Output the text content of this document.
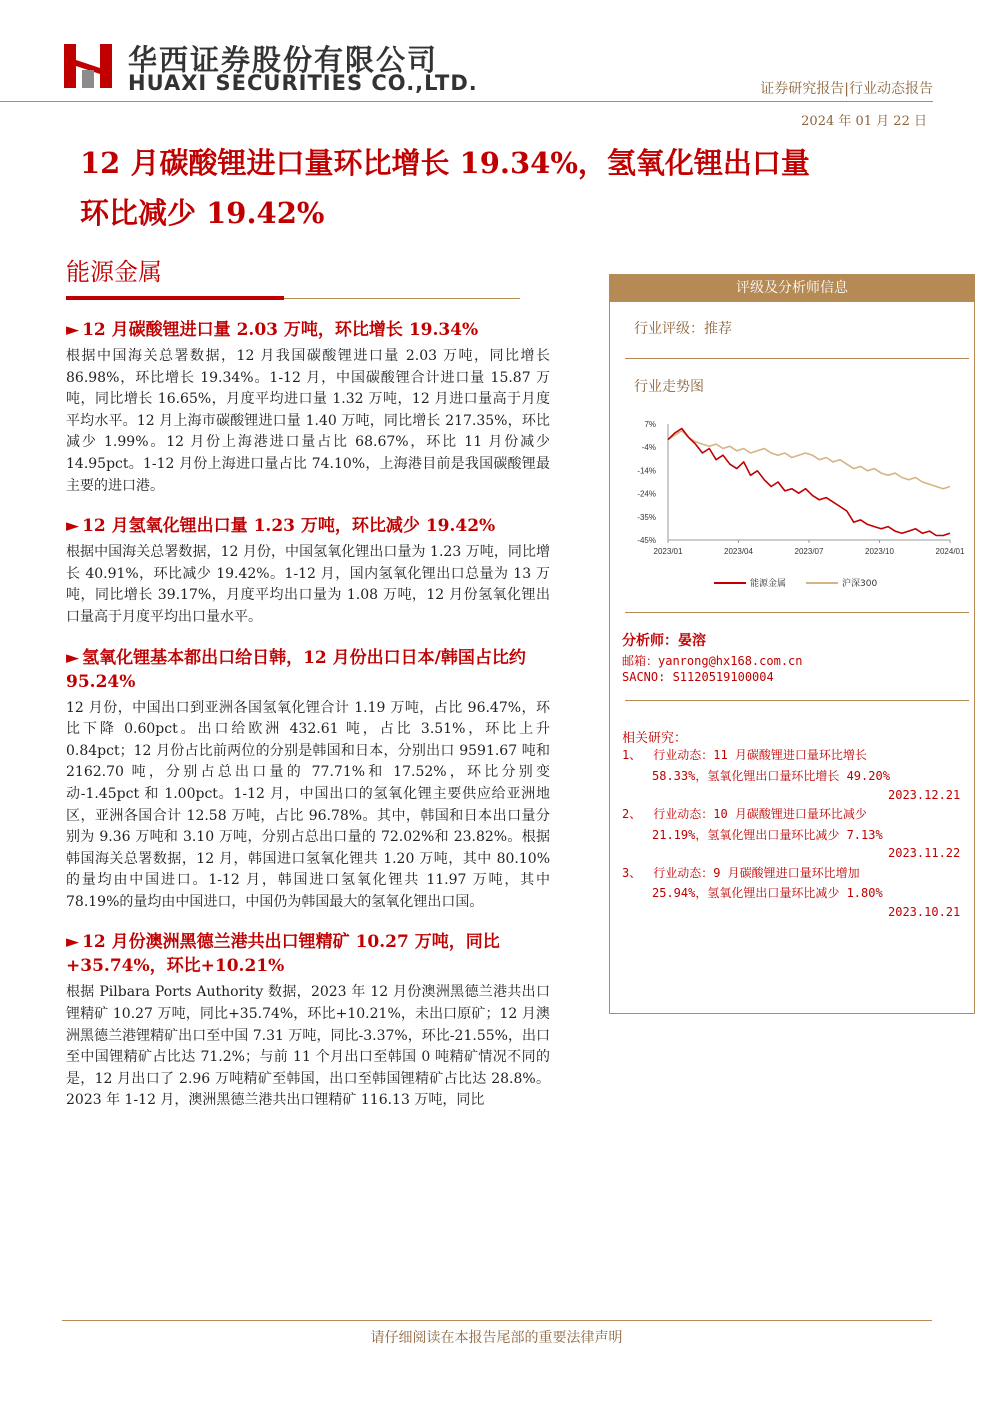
华西证券股份有限公司
HUAXI SECURITIES CO.,LTD.	证券研究报告|行业动态报告
2024 年 01 月 22 日
12 月碳酸锂进口量环比增长 19.34%，氢氧化锂出口量
环比减少 19.42%
能源金属
► 12 月碳酸锂进口量 2.03 万吨，环比增长 19.34%

根据中国海关总署数据，12 月我国碳酸锂进口量 2.03 万吨，同比增长 86.98%，环比增长 19.34%。1-12 月，中国碳酸锂合计进口量 15.87 万吨，同比增长 16.65%，月度平均进口量 1.32 万吨，12 月进口量高于月度平均水平。12 月上海市碳酸锂进口量 1.40 万吨，同比增长 217.35%，环比减少 1.99%。12 月份上海港进口量占比 68.67%，环比 11 月份减少 14.95pct。1-12 月份上海进口量占比 74.10%，上海港目前是我国碳酸锂最主要的进口港。

► 12 月氢氧化锂出口量 1.23 万吨，环比减少 19.42%

根据中国海关总署数据，12 月份，中国氢氧化锂出口量为 1.23 万吨，同比增长 40.91%，环比减少 19.42%。1-12 月，国内氢氧化锂出口总量为 13 万吨，同比增长 39.17%，月度平均出口量为 1.08 万吨，12 月份氢氧化锂出口量高于月度平均出口量水平。

► 氢氧化锂基本都出口给日韩，12 月份出口日本/韩国占比约 95.24%

12 月份，中国出口到亚洲各国氢氧化锂合计 1.19 万吨，占比 96.47%，环比下降 0.60pct。出口给欧洲 432.61 吨，占比 3.51%，环比上升 0.84pct；12 月份占比前两位的分别是韩国和日本，分别出口 9591.67 吨和 2162.70 吨，分别占总出口量的 77.71%和 17.52%，环比分别变动-1.45pct 和 1.00pct。1-12 月，中国出口的氢氧化锂主要供应给亚洲地区，亚洲各国合计 12.58 万吨，占比 96.78%。其中，韩国和日本出口量分别为 9.36 万吨和 3.10 万吨，分别占总出口量的 72.02%和 23.82%。根据韩国海关总署数据，12 月，韩国进口氢氧化锂共 1.20 万吨，其中 80.10%的量均由中国进口。1-12 月，韩国进口氢氧化锂共 11.97 万吨，其中 78.19%的量均由中国进口，中国仍为韩国最大的氢氧化锂出口国。

► 12 月份澳洲黑德兰港共出口锂精矿 10.27 万吨，同比+35.74%，环比+10.21%

根据 Pilbara Ports Authority 数据，2023 年 12 月份澳洲黑德兰港共出口锂精矿 10.27 万吨，同比+35.74%，环比+10.21%，未出口原矿；12 月澳洲黑德兰港锂精矿出口至中国 7.31 万吨，同比-3.37%，环比-21.55%，出口至中国锂精矿占比达 71.2%；与前 11 个月出口至韩国 0 吨精矿情况不同的是，12 月出口了 2.96 万吨精矿至韩国，出口至韩国锂精矿占比达 28.8%。2023 年 1-12 月，澳洲黑德兰港共出口锂精矿 116.13 万吨，同比

评级及分析师信息
行业评级：推荐
行业走势图
7%
-4%
-14%
-24%
-35%
-45%
2023/01	2023/04	2023/07	2023/10	2024/01
能源金属	沪深300
分析师：晏溶
邮箱：yanrong@hx168.com.cn
SACNO: S1120519100004
相关研究：
1、 行业动态：11 月碳酸锂进口量环比增长
58.33%，氢氧化锂出口量环比增长 49.20%
2023.12.21
2、 行业动态：10 月碳酸锂进口量环比减少
21.19%，氢氧化锂出口量环比减少 7.13%
2023.11.22
3、 行业动态：9 月碳酸锂进口量环比增加
25.94%，氢氧化锂出口量环比减少 1.80%
2023.10.21
请仔细阅读在本报告尾部的重要法律声明
